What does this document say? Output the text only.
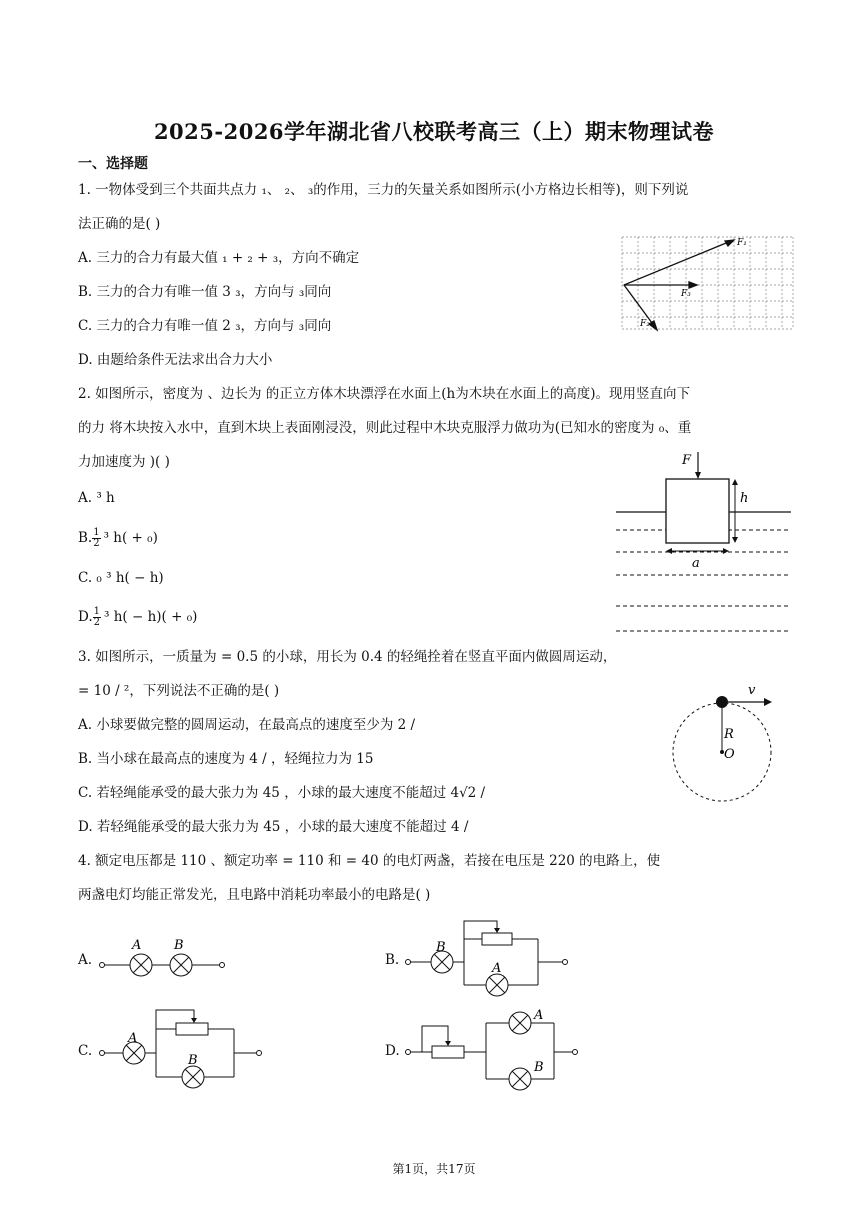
2025-2026学年湖北省八校联考高三（上）期末物理试卷
一、选择题
1. 一物体受到三个共面共点力 ₁、 ₂、 ₃的作用，三力的矢量关系如图所示(小方格边长相等)，则下列说
法正确的是( )
A. 三力的合力有最大值 ₁ + ₂ + ₃，方向不确定
B. 三力的合力有唯一值 3 ₃，方向与 ₃同向
C. 三力的合力有唯一值 2 ₃，方向与 ₃同向
D. 由题给条件无法求出合力大小
F₁
F₃
F₂
2. 如图所示，密度为 、边长为 的正立方体木块漂浮在水面上(h为木块在水面上的高度)。现用竖直向下
的力 将木块按入水中，直到木块上表面刚浸没，则此过程中木块克服浮力做功为(已知水的密度为 ₀、重
力加速度为 )( )
A. ³ h
B. $\frac{1}{2} ^3$ h( + ₀)
C. ₀ ³ h( − h)
D. $\frac{1}{2} ^3$ h( − h)( + ₀)
F
h
a
3. 如图所示，一质量为 = 0.5 的小球，用长为 0.4 的轻绳拴着在竖直平面内做圆周运动，
= 10 / ²，下列说法不正确的是( )
A. 小球要做完整的圆周运动，在最高点的速度至少为 2 /
B. 当小球在最高点的速度为 4 / ，轻绳拉力为 15
C. 若轻绳能承受的最大张力为 45 ，小球的最大速度不能超过 4√2 /
D. 若轻绳能承受的最大张力为 45 ，小球的最大速度不能超过 4 /
v
R
O
4. 额定电压都是 110 、额定功率 = 110 和 = 40 的电灯两盏，若接在电压是 220 的电路上，使
两盏电灯均能正常发光，且电路中消耗功率最小的电路是( )
A.
A	B
B.
B
A
C.
A
B
D.
A
B
第1页，共17页
